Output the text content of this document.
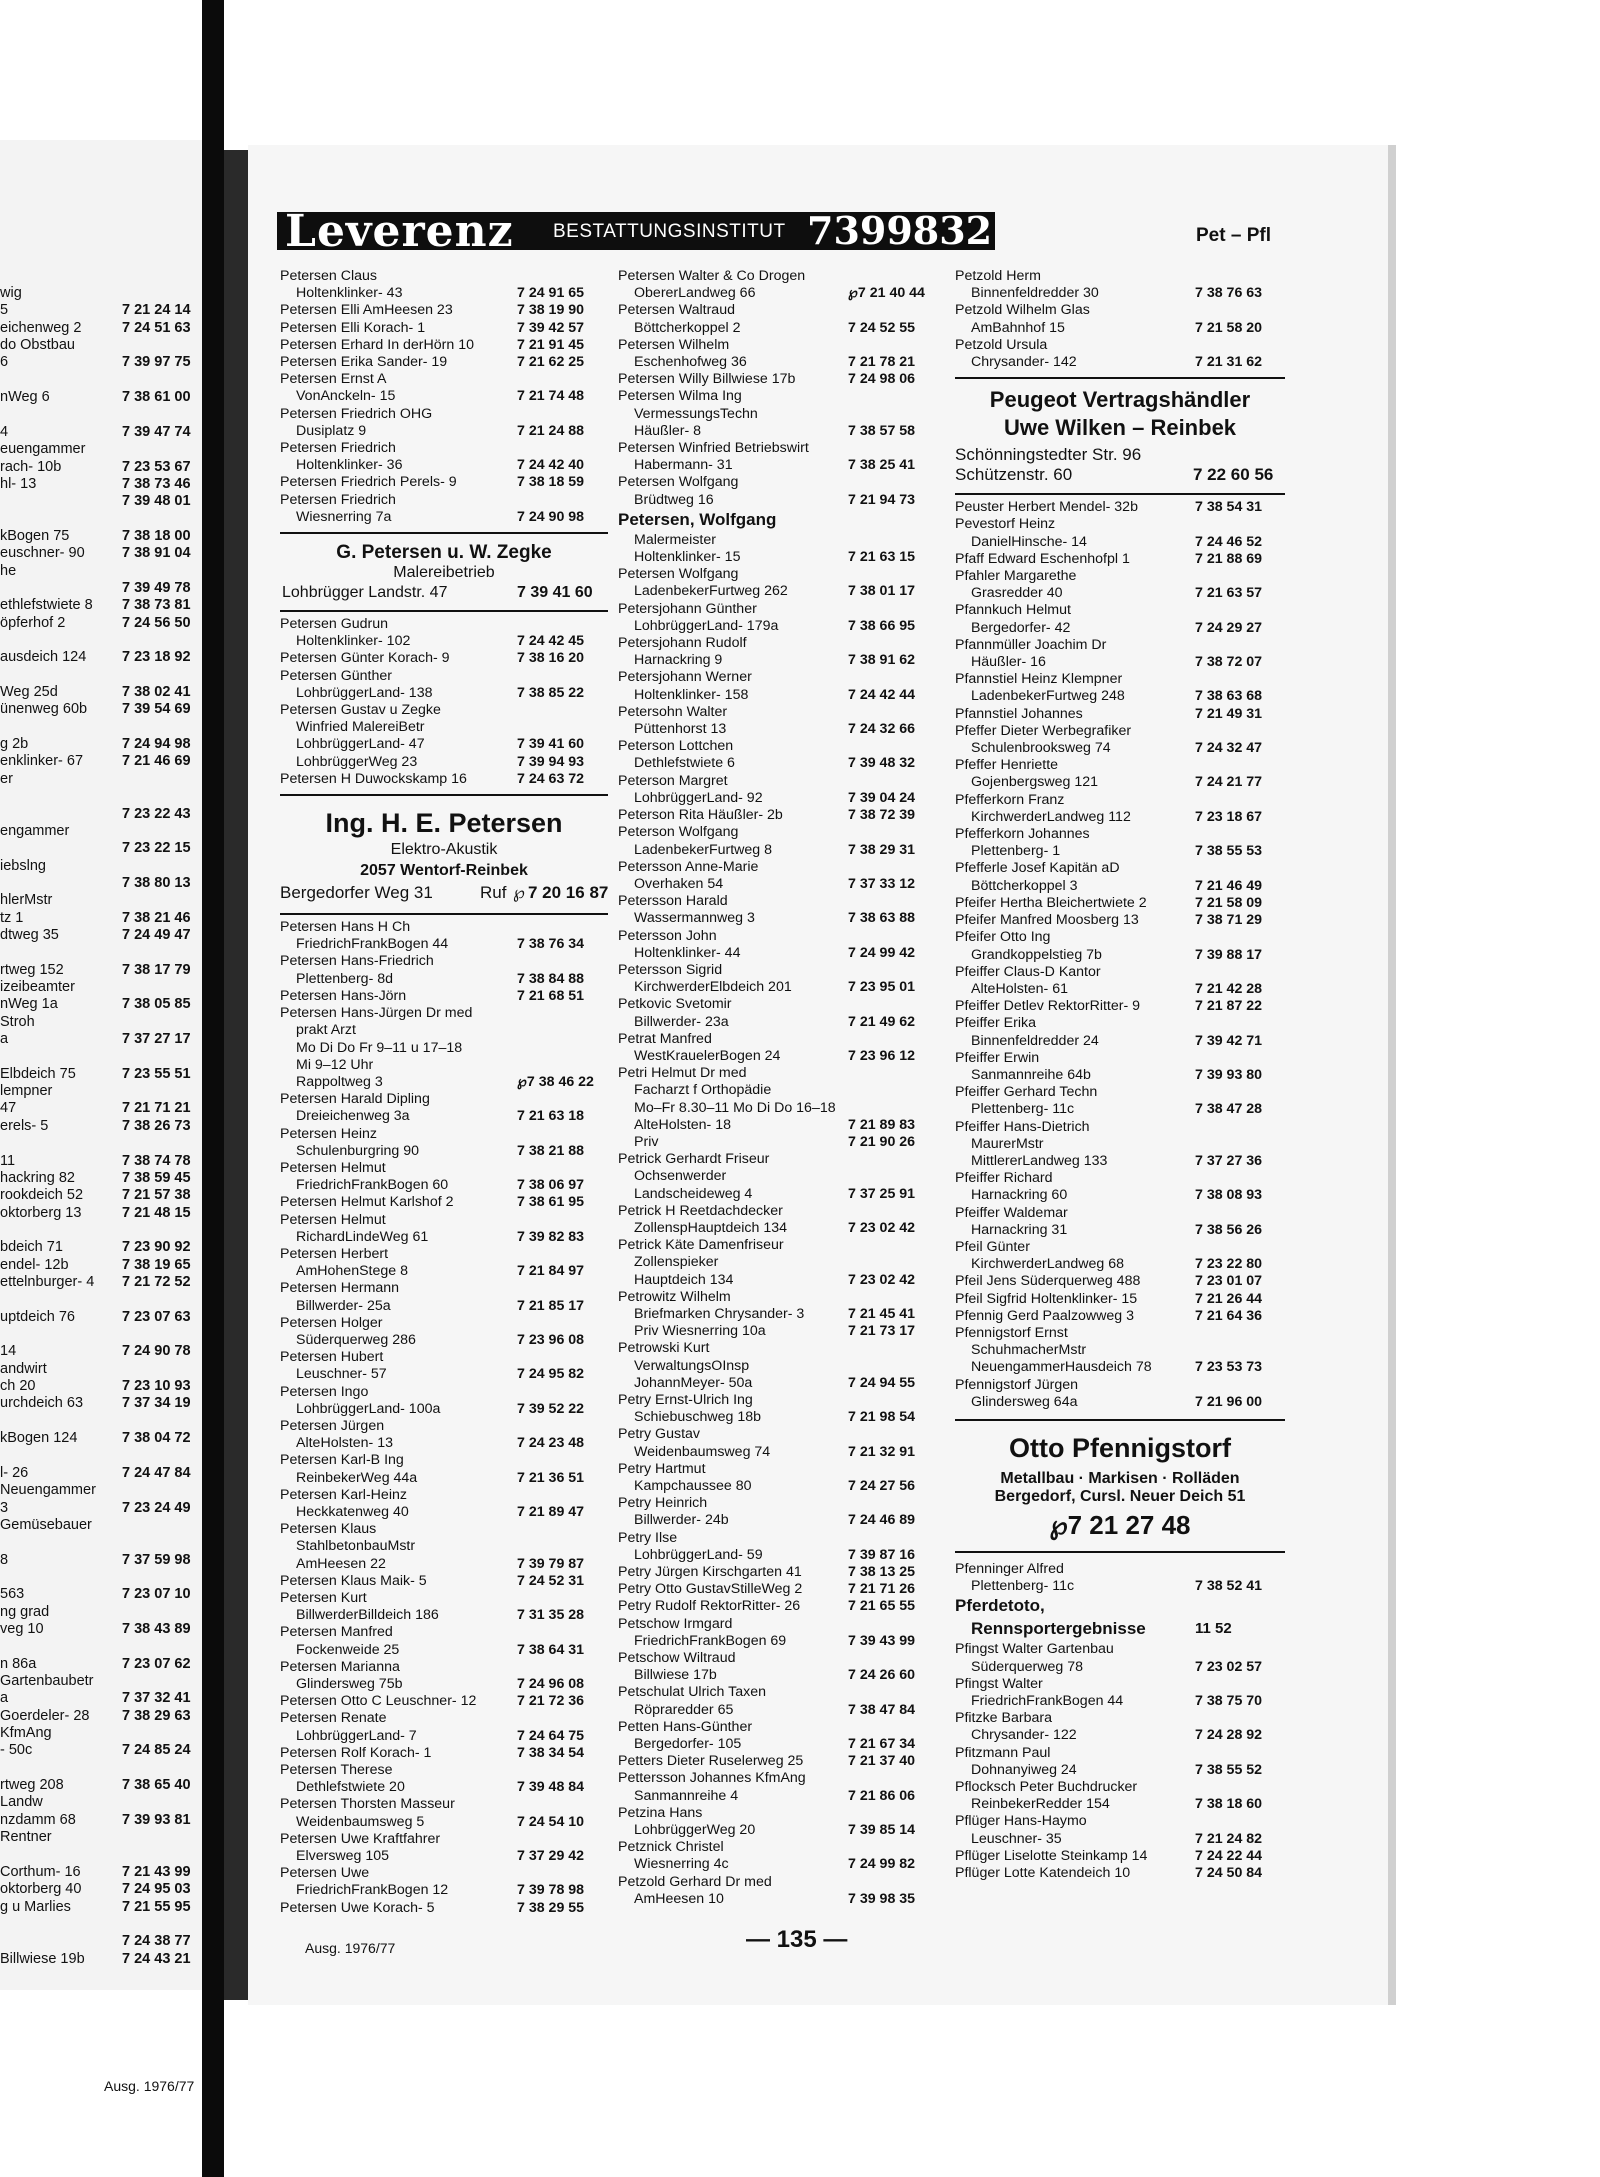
wig
5	7 21 24 14
eichenweg 2	7 24 51 63
do Obstbau
6	7 39 97 75
nWeg 6	7 38 61 00
4	7 39 47 74
euengammer
rach- 10b	7 23 53 67
hl- 13	7 38 73 46
7 39 48 01
kBogen 75	7 38 18 00
euschner- 90	7 38 91 04
he
7 39 49 78
ethlefstwiete 8 7 38 73 81
öpferhof 2	7 24 56 50
ausdeich 124 7 23 18 92
Weg 25d	7 38 02 41
ünenweg 60b 7 39 54 69
g 2b	7 24 94 98
enklinker- 67	7 21 46 69
er
7 23 22 43
engammer
7 23 22 15
iebslng
7 38 80 13
hlerMstr
tz 1	7 38 21 46
dtweg 35	7 24 49 47
rtweg 152	7 38 17 79
izeibeamter
nWeg 1a	7 38 05 85
Stroh
a	7 37 27 17
Elbdeich 75	7 23 55 51
lempner
47	7 21 71 21
erels- 5	7 38 26 73
11	7 38 74 78
hackring 82	7 38 59 45
rookdeich 52	7 21 57 38
oktorberg 13	7 21 48 15
bdeich 71	7 23 90 92
endel- 12b	7 38 19 65
ettelnburger- 4 7 21 72 52
uptdeich 76	7 23 07 63
14	7 24 90 78
andwirt
ch 20	7 23 10 93
urchdeich 63	7 37 34 19
kBogen 124	7 38 04 72
l- 26	7 24 47 84
Neuengammer
3	7 23 24 49
Gemüsebauer
8	7 37 59 98
563	7 23 07 10
ng grad
veg 10	7 38 43 89
n 86a	7 23 07 62
Gartenbaubetr
a	7 37 32 41
Goerdeler- 28 7 38 29 63
KfmAng
- 50c	7 24 85 24
rtweg 208	7 38 65 40
Landw
nzdamm 68	7 39 93 81
Rentner
Corthum- 16	7 21 43 99
oktorberg 40	7 24 95 03
g u Marlies	7 21 55 95
7 24 38 77
Billwiese 19b	7 24 43 21
Ausg. 1976/77
Leverenz BESTATTUNGSINSTITUT 7399832	Pet – Pfl
Petersen Claus
Holtenklinker- 43	7 24 91 65
Petersen Elli AmHeesen 23	7 38 19 90
Petersen Elli Korach- 1	7 39 42 57
Petersen Erhard In derHörn 10	7 21 91 45
Petersen Erika Sander- 19	7 21 62 25
Petersen Ernst A
VonAnckeln- 15	7 21 74 48
Petersen Friedrich OHG
Dusiplatz 9	7 21 24 88
Petersen Friedrich
Holtenklinker- 36	7 24 42 40
Petersen Friedrich Perels- 9	7 38 18 59
Petersen Friedrich
Wiesnerring 7a	7 24 90 98
G. Petersen u. W. Zegke
Malereibetrieb
Lohbrügger Landstr. 47	7 39 41 60
Petersen Gudrun
Holtenklinker- 102	7 24 42 45
Petersen Günter Korach- 9	7 38 16 20
Petersen Günther
LohbrüggerLand- 138	7 38 85 22
Petersen Gustav u Zegke
Winfried MalereiBetr
LohbrüggerLand- 47	7 39 41 60
LohbrüggerWeg 23	7 39 94 93
Petersen H Duwockskamp 16	7 24 63 72
Ing. H. E. Petersen
Elektro-Akustik
2057 Wentorf-Reinbek
Bergedorfer Weg 31	Ruf ℘ 7 20 16 87
Petersen Hans H Ch
FriedrichFrankBogen 44	7 38 76 34
Petersen Hans-Friedrich
Plettenberg- 8d	7 38 84 88
Petersen Hans-Jörn	7 21 68 51
Petersen Hans-Jürgen Dr med
prakt Arzt
Mo Di Do Fr 9–11 u 17–18
Mi 9–12 Uhr
Rappoltweg 3	℘7 38 46 22
Petersen Harald Dipling
Dreieichenweg 3a	7 21 63 18
Petersen Heinz
Schulenburgring 90	7 38 21 88
Petersen Helmut
FriedrichFrankBogen 60	7 38 06 97
Petersen Helmut Karlshof 2	7 38 61 95
Petersen Helmut
RichardLindeWeg 61	7 39 82 83
Petersen Herbert
AmHohenStege 8	7 21 84 97
Petersen Hermann
Billwerder- 25a	7 21 85 17
Petersen Holger
Süderquerweg 286	7 23 96 08
Petersen Hubert
Leuschner- 57	7 24 95 82
Petersen Ingo
LohbrüggerLand- 100a	7 39 52 22
Petersen Jürgen
AlteHolsten- 13	7 24 23 48
Petersen Karl-B Ing
ReinbekerWeg 44a	7 21 36 51
Petersen Karl-Heinz
Heckkatenweg 40	7 21 89 47
Petersen Klaus
StahlbetonbauMstr
AmHeesen 22	7 39 79 87
Petersen Klaus Maik- 5	7 24 52 31
Petersen Kurt
BillwerderBilldeich 186	7 31 35 28
Petersen Manfred
Fockenweide 25	7 38 64 31
Petersen Marianna
Glindersweg 75b	7 24 96 08
Petersen Otto C Leuschner- 12	7 21 72 36
Petersen Renate
LohbrüggerLand- 7	7 24 64 75
Petersen Rolf Korach- 1	7 38 34 54
Petersen Therese
Dethlefstwiete 20	7 39 48 84
Petersen Thorsten Masseur
Weidenbaumsweg 5	7 24 54 10
Petersen Uwe Kraftfahrer
Elversweg 105	7 37 29 42
Petersen Uwe
FriedrichFrankBogen 12	7 39 78 98
Petersen Uwe Korach- 5	7 38 29 55
Petersen Walter & Co Drogen
ObererLandweg 66	℘7 21 40 44
Petersen Waltraud
Böttcherkoppel 2	7 24 52 55
Petersen Wilhelm
Eschenhofweg 36	7 21 78 21
Petersen Willy Billwiese 17b	7 24 98 06
Petersen Wilma Ing
VermessungsTechn
Häußler- 8	7 38 57 58
Petersen Winfried Betriebswirt
Habermann- 31	7 38 25 41
Petersen Wolfgang
Brüdtweg 16	7 21 94 73
Petersen, Wolfgang
Malermeister
Holtenklinker- 15	7 21 63 15
Petersen Wolfgang
LadenbekerFurtweg 262	7 38 01 17
Petersjohann Günther
LohbrüggerLand- 179a	7 38 66 95
Petersjohann Rudolf
Harnackring 9	7 38 91 62
Petersjohann Werner
Holtenklinker- 158	7 24 42 44
Petersohn Walter
Püttenhorst 13	7 24 32 66
Peterson Lottchen
Dethlefstwiete 6	7 39 48 32
Peterson Margret
LohbrüggerLand- 92	7 39 04 24
Peterson Rita Häußler- 2b	7 38 72 39
Peterson Wolfgang
LadenbekerFurtweg 8	7 38 29 31
Petersson Anne-Marie
Overhaken 54	7 37 33 12
Petersson Harald
Wassermannweg 3	7 38 63 88
Petersson John
Holtenklinker- 44	7 24 99 42
Petersson Sigrid
KirchwerderElbdeich 201	7 23 95 01
Petkovic Svetomir
Billwerder- 23a	7 21 49 62
Petrat Manfred
WestKrauelerBogen 24	7 23 96 12
Petri Helmut Dr med
Facharzt f Orthopädie
Mo–Fr 8.30–11 Mo Di Do 16–18
AlteHolsten- 18	7 21 89 83
Priv	7 21 90 26
Petrick Gerhardt Friseur
Ochsenwerder
Landscheideweg 4	7 37 25 91
Petrick H Reetdachdecker
ZollenspHauptdeich 134	7 23 02 42
Petrick Käte Damenfriseur
Zollenspieker
Hauptdeich 134	7 23 02 42
Petrowitz Wilhelm
Briefmarken Chrysander- 3	7 21 45 41
Priv Wiesnerring 10a	7 21 73 17
Petrowski Kurt
VerwaltungsOInsp
JohannMeyer- 50a	7 24 94 55
Petry Ernst-Ulrich Ing
Schiebuschweg 18b	7 21 98 54
Petry Gustav
Weidenbaumsweg 74	7 21 32 91
Petry Hartmut
Kampchaussee 80	7 24 27 56
Petry Heinrich
Billwerder- 24b	7 24 46 89
Petry Ilse
LohbrüggerLand- 59	7 39 87 16
Petry Jürgen Kirschgarten 41	7 38 13 25
Petry Otto GustavStilleWeg 2	7 21 71 26
Petry Rudolf RektorRitter- 26	7 21 65 55
Petschow Irmgard
FriedrichFrankBogen 69	7 39 43 99
Petschow Wiltraud
Billwiese 17b	7 24 26 60
Petschulat Ulrich Taxen
Röpraredder 65	7 38 47 84
Petten Hans-Günther
Bergedorfer- 105	7 21 67 34
Petters Dieter Ruselerweg 25	7 21 37 40
Pettersson Johannes KfmAng
Sanmannreihe 4	7 21 86 06
Petzina Hans
LohbrüggerWeg 20	7 39 85 14
Petznick Christel
Wiesnerring 4c	7 24 99 82
Petzold Gerhard Dr med
AmHeesen 10	7 39 98 35
Petzold Herm
Binnenfeldredder 30	7 38 76 63
Petzold Wilhelm Glas
AmBahnhof 15	7 21 58 20
Petzold Ursula
Chrysander- 142	7 21 31 62
Peugeot Vertragshändler
Uwe Wilken – Reinbek
Schönningstedter Str. 96
Schützenstr. 60	7 22 60 56
Peuster Herbert Mendel- 32b	7 38 54 31
Pevestorf Heinz
DanielHinsche- 14	7 24 46 52
Pfaff Edward Eschenhofpl 1	7 21 88 69
Pfahler Margarethe
Grasredder 40	7 21 63 57
Pfannkuch Helmut
Bergedorfer- 42	7 24 29 27
Pfannmüller Joachim Dr
Häußler- 16	7 38 72 07
Pfannstiel Heinz Klempner
LadenbekerFurtweg 248	7 38 63 68
Pfannstiel Johannes	7 21 49 31
Pfeffer Dieter Werbegrafiker
Schulenbrooksweg 74	7 24 32 47
Pfeffer Henriette
Gojenbergsweg 121	7 24 21 77
Pfefferkorn Franz
KirchwerderLandweg 112	7 23 18 67
Pfefferkorn Johannes
Plettenberg- 1	7 38 55 53
Pfefferle Josef Kapitän aD
Böttcherkoppel 3	7 21 46 49
Pfeifer Hertha Bleichertwiete 2	7 21 58 09
Pfeifer Manfred Moosberg 13	7 38 71 29
Pfeifer Otto Ing
Grandkoppelstieg 7b	7 39 88 17
Pfeiffer Claus-D Kantor
AlteHolsten- 61	7 21 42 28
Pfeiffer Detlev RektorRitter- 9	7 21 87 22
Pfeiffer Erika
Binnenfeldredder 24	7 39 42 71
Pfeiffer Erwin
Sanmannreihe 64b	7 39 93 80
Pfeiffer Gerhard Techn
Plettenberg- 11c	7 38 47 28
Pfeiffer Hans-Dietrich
MaurerMstr
MittlererLandweg 133	7 37 27 36
Pfeiffer Richard
Harnackring 60	7 38 08 93
Pfeiffer Waldemar
Harnackring 31	7 38 56 26
Pfeil Günter
KirchwerderLandweg 68	7 23 22 80
Pfeil Jens Süderquerweg 488	7 23 01 07
Pfeil Sigfrid Holtenklinker- 15	7 21 26 44
Pfennig Gerd Paalzowweg 3	7 21 64 36
Pfennigstorf Ernst
SchuhmacherMstr
NeuengammerHausdeich 78	7 23 53 73
Pfennigstorf Jürgen
Glindersweg 64a	7 21 96 00
Otto Pfennigstorf
Metallbau · Markisen · Rolläden
Bergedorf, Cursl. Neuer Deich 51
℘7 21 27 48
Pfenninger Alfred
Plettenberg- 11c	7 38 52 41
Pferdetoto,
Rennsportergebnisse	11 52
Pfingst Walter Gartenbau
Süderquerweg 78	7 23 02 57
Pfingst Walter
FriedrichFrankBogen 44	7 38 75 70
Pfitzke Barbara
Chrysander- 122	7 24 28 92
Pfitzmann Paul
Dohnanyiweg 24	7 38 55 52
Pflocksch Peter Buchdrucker
ReinbekerRedder 154	7 38 18 60
Pflüger Hans-Haymo
Leuschner- 35	7 21 24 82
Pflüger Liselotte Steinkamp 14	7 24 22 44
Pflüger Lotte Katendeich 10	7 24 50 84
Ausg. 1976/77	— 135 —
